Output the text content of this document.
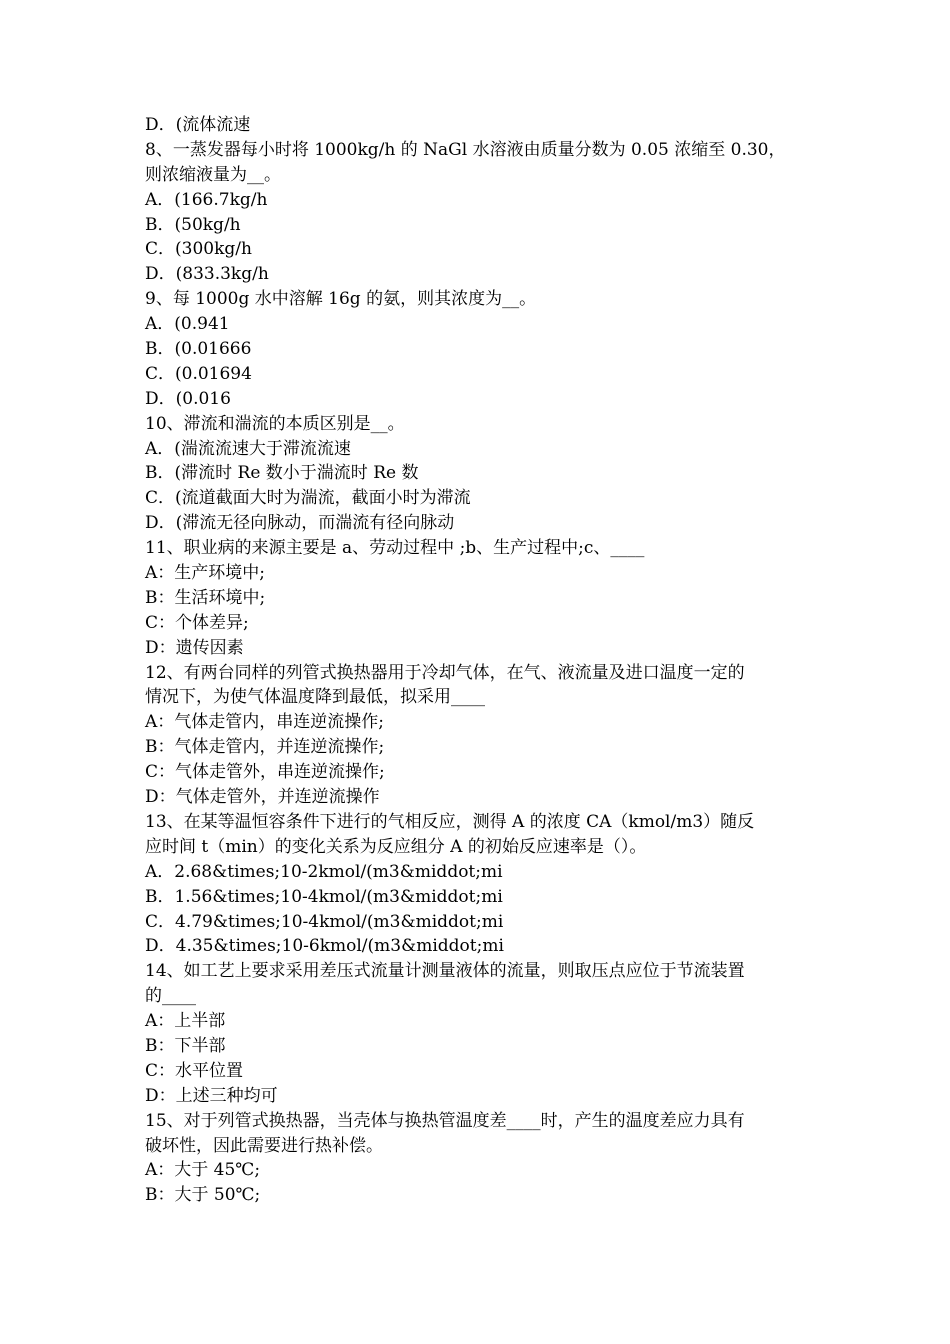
D．(流体流速
8、一蒸发器每小时将 1000kg/h 的 NaGl 水溶液由质量分数为 0.05 浓缩至 0.30，
则浓缩液量为__。
A．(166.7kg/h
B．(50kg/h
C．(300kg/h
D．(833.3kg/h
9、每 1000g 水中溶解 16g 的氨，则其浓度为__。
A．(0.941
B．(0.01666
C．(0.01694
D．(0.016
10、滞流和湍流的本质区别是__。
A．(湍流流速大于滞流流速
B．(滞流时 Re 数小于湍流时 Re 数
C．(流道截面大时为湍流，截面小时为滞流
D．(滞流无径向脉动，而湍流有径向脉动
11、职业病的来源主要是 a、劳动过程中 ;b、生产过程中;c、____
A：生产环境中;
B：生活环境中;
C：个体差异;
D：遗传因素
12、有两台同样的列管式换热器用于冷却气体，在气、液流量及进口温度一定的
情况下，为使气体温度降到最低，拟采用____
A：气体走管内，串连逆流操作;
B：气体走管内，并连逆流操作;
C：气体走管外，串连逆流操作;
D：气体走管外，并连逆流操作
13、在某等温恒容条件下进行的气相反应，测得 A 的浓度 CA（kmol/m3）随反
应时间 t（min）的变化关系为反应组分 A 的初始反应速率是（）。
A．2.68&times;10-2kmol/(m3&middot;mi
B．1.56&times;10-4kmol/(m3&middot;mi
C．4.79&times;10-4kmol/(m3&middot;mi
D．4.35&times;10-6kmol/(m3&middot;mi
14、如工艺上要求采用差压式流量计测量液体的流量，则取压点应位于节流装置
的____
A：上半部
B：下半部
C：水平位置
D：上述三种均可
15、对于列管式换热器，当壳体与换热管温度差____时，产生的温度差应力具有
破坏性，因此需要进行热补偿。
A：大于 45℃;
B：大于 50℃;
